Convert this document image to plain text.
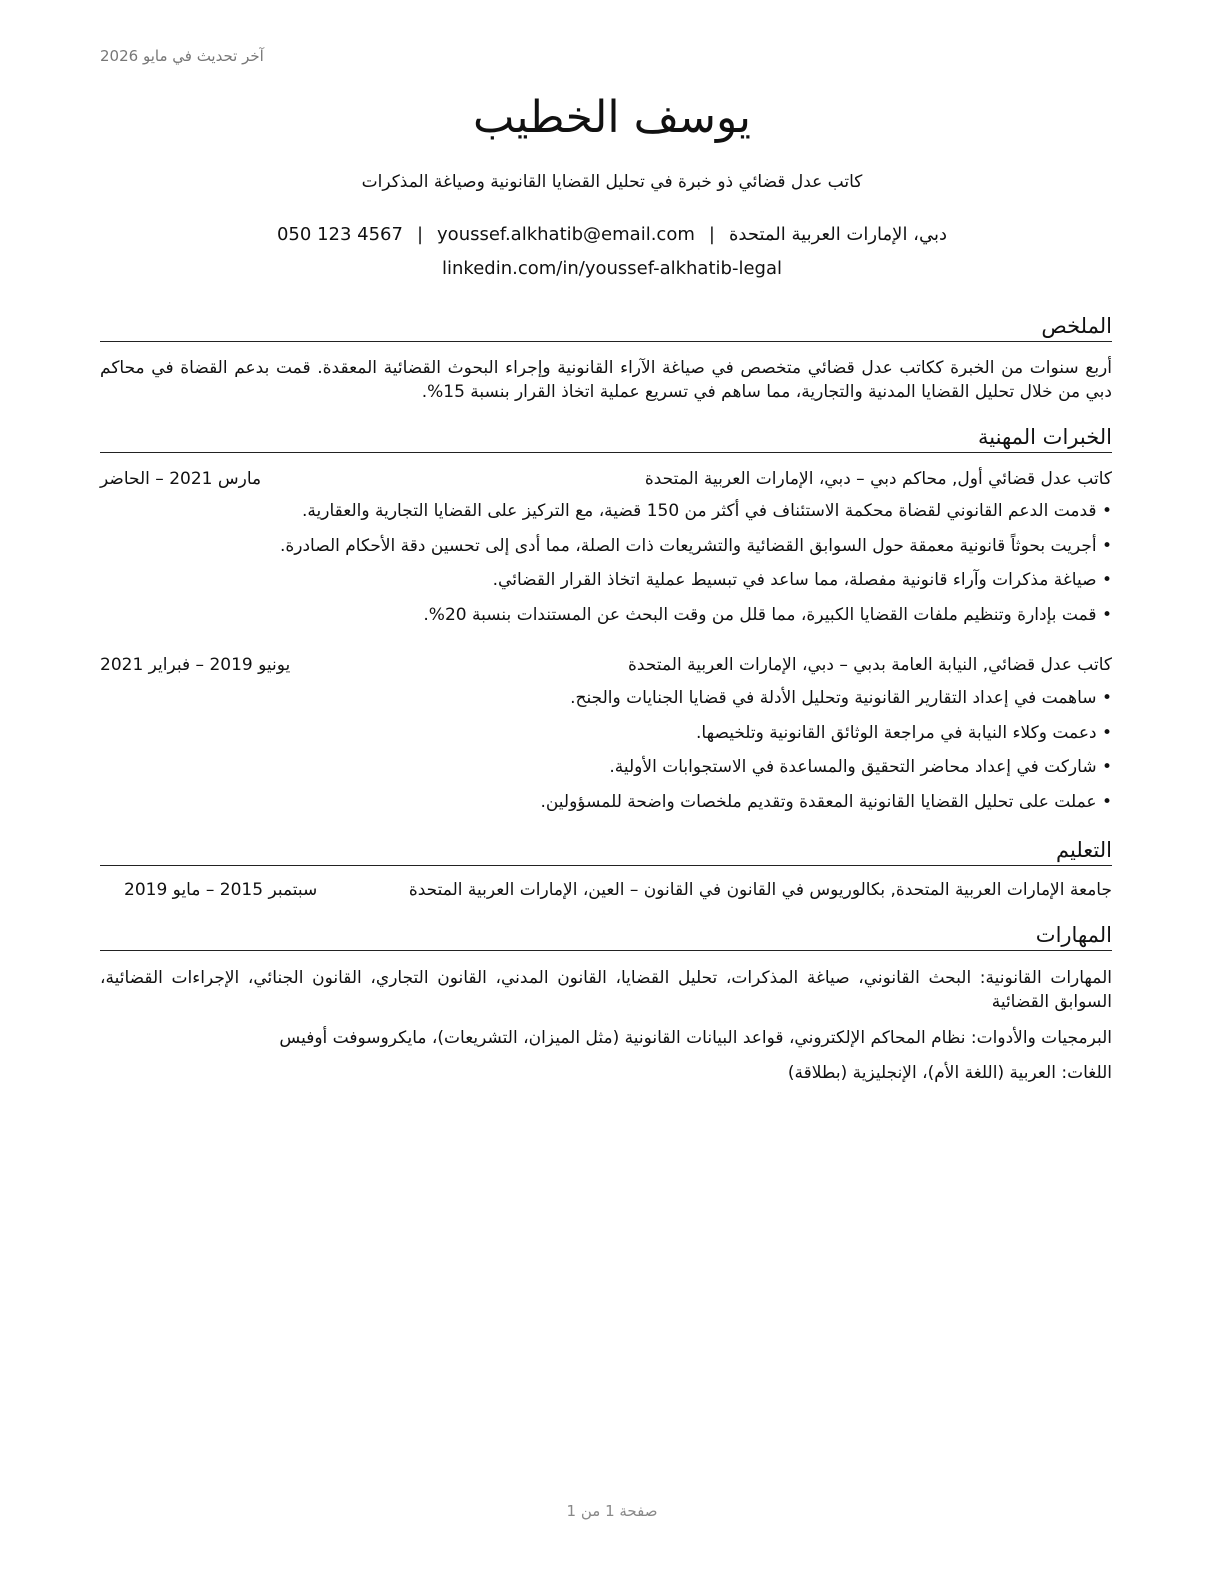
آخر تحديث في مايو 2026
يوسف الخطيب
كاتب عدل قضائي ذو خبرة في تحليل القضايا القانونية وصياغة المذكرات
دبي، الإمارات العربية المتحدة|youssef.alkhatib@email.com|050 123 4567
linkedin.com/in/youssef-alkhatib-legal
الملخص
أربع سنوات من الخبرة ككاتب عدل قضائي متخصص في صياغة الآراء القانونية وإجراء البحوث القضائية المعقدة. قمت بدعم القضاة في محاكم دبي من خلال تحليل القضايا المدنية والتجارية، مما ساهم في تسريع عملية اتخاذ القرار بنسبة 15%.
الخبرات المهنية
كاتب عدل قضائي أول, محاكم دبي – دبي، الإمارات العربية المتحدة
مارس 2021 – الحاضر
• قدمت الدعم القانوني لقضاة محكمة الاستئناف في أكثر من 150 قضية، مع التركيز على القضايا التجارية والعقارية.
• أجريت بحوثاً قانونية معمقة حول السوابق القضائية والتشريعات ذات الصلة، مما أدى إلى تحسين دقة الأحكام الصادرة.
• صياغة مذكرات وآراء قانونية مفصلة، مما ساعد في تبسيط عملية اتخاذ القرار القضائي.
• قمت بإدارة وتنظيم ملفات القضايا الكبيرة، مما قلل من وقت البحث عن المستندات بنسبة 20%.
كاتب عدل قضائي, النيابة العامة بدبي – دبي، الإمارات العربية المتحدة
يونيو 2019 – فبراير 2021
• ساهمت في إعداد التقارير القانونية وتحليل الأدلة في قضايا الجنايات والجنح.
• دعمت وكلاء النيابة في مراجعة الوثائق القانونية وتلخيصها.
• شاركت في إعداد محاضر التحقيق والمساعدة في الاستجوابات الأولية.
• عملت على تحليل القضايا القانونية المعقدة وتقديم ملخصات واضحة للمسؤولين.
التعليم
جامعة الإمارات العربية المتحدة, بكالوريوس في القانون في القانون – العين، الإمارات العربية المتحدة
سبتمبر 2015 – مايو 2019
المهارات
المهارات القانونية: البحث القانوني، صياغة المذكرات، تحليل القضايا، القانون المدني، القانون التجاري، القانون الجنائي، الإجراءات القضائية، السوابق القضائية
البرمجيات والأدوات: نظام المحاكم الإلكتروني، قواعد البيانات القانونية (مثل الميزان، التشريعات)، مايكروسوفت أوفيس
اللغات: العربية (اللغة الأم)، الإنجليزية (بطلاقة)
صفحة 1 من 1
